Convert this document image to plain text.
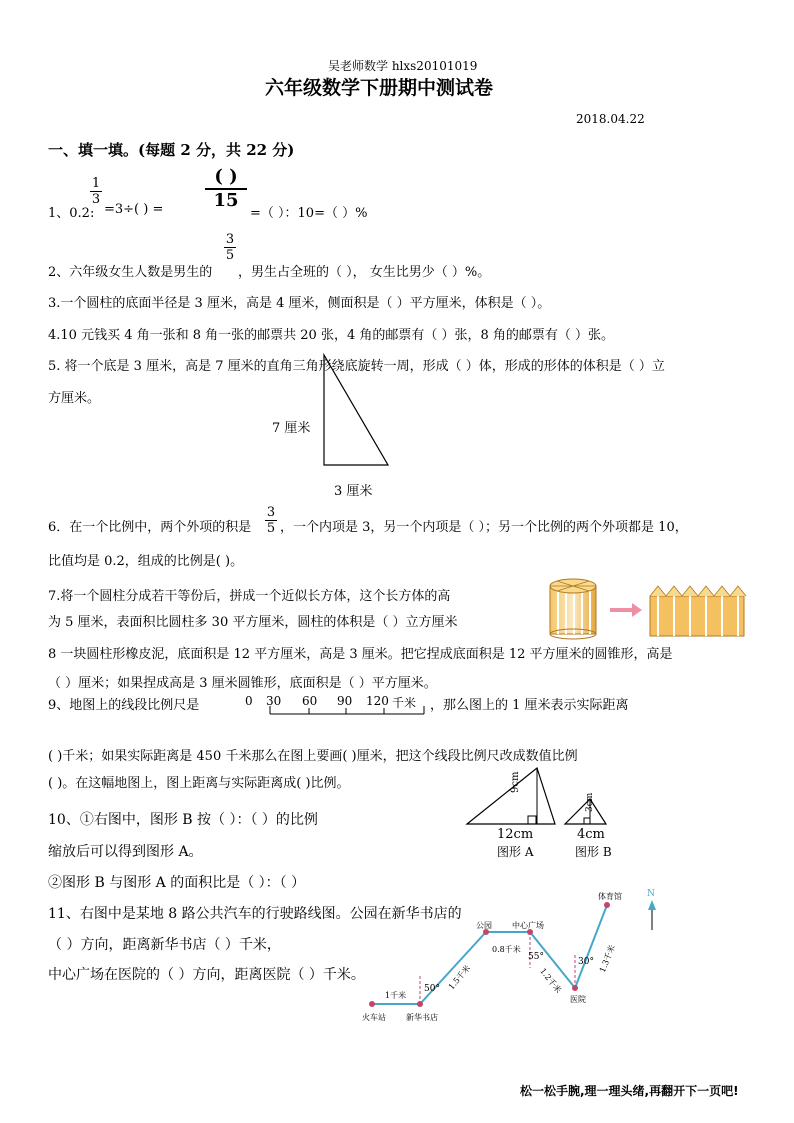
吴老师数学 hlxs20101019
六年级数学下册期中测试卷
2018.04.22
一、填一填。(每题 2 分，共 22 分)
1、0.2:
$\frac{1}{3}$
=3÷( ) =
( )
15
=（ ）：10=（ ）%
2、六年级女生人数是男生的
$\frac{3}{5}$
，男生占全班的（ ）， 女生比男少（ ）%。
3.一个圆柱的底面半径是 3 厘米，高是 4 厘米，侧面积是（ ）平方厘米，体积是（ ）。
4.10 元钱买 4 角一张和 8 角一张的邮票共 20 张，4 角的邮票有（ ）张，8 角的邮票有（ ）张。
5. 将一个底是 3 厘米，高是 7 厘米的直角三角形绕底旋转一周，形成（ ）体，形成的形体的体积是（ ）立
方厘米。
7 厘米
3 厘米
6．在一个比例中，两个外项的积是 $\frac{3}{5}$ ，一个内项是 3，另一个内项是（ ）；另一个比例的两个外项都是 10，
比值均是 0.2，组成的比例是( )。
7.将一个圆柱分成若干等份后，拼成一个近似长方体，这个长方体的高
为 5 厘米，表面积比圆柱多 30 平方厘米，圆柱的体积是（ ）立方厘米
8 一块圆柱形橡皮泥，底面积是 12 平方厘米，高是 3 厘米。把它捏成底面积是 12 平方厘米的圆锥形，高是
（ ）厘米；如果捏成高是 3 厘米圆锥形，底面积是（ ）平方厘米。
9、地图上的线段比例尺是	0 30 60 90 120 千米 ，那么图上的 1 厘米表示实际距离
( )千米；如果实际距离是 450 千米那么在图上要画( )厘米，把这个线段比例尺改成数值比例
( )。在这幅地图上，图上距离与实际距离成( )比例。
10、①右图中，图形 B 按（ ）：（ ）的比例
缩放后可以得到图形 A。
②图形 B 与图形 A 的面积比是（ ）：（ ）
9cm
12cm
图形 A
3cm
4cm
图形 B
11、右图中是某地 8 路公共汽车的行驶路线图。公园在新华书店的
（ ）方向，距离新华书店（ ）千米，
中心广场在医院的（ ）方向，距离医院（ ）千米。
火车站	新华书店
公园	中心广场
医院
体育馆
1千米
1.5千米
0.8千米
1.2千米
1.3千米
50°
55°	30°
N
松一松手腕,理一理头绪,再翻开下一页吧!
